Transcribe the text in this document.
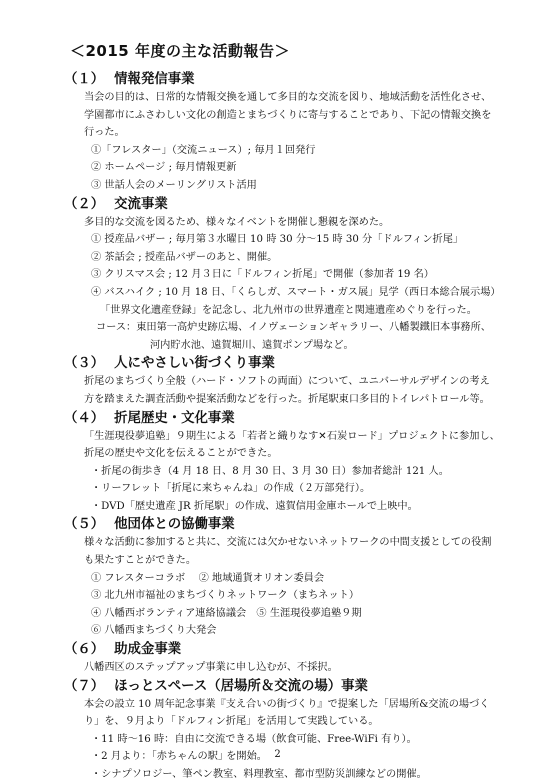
＜2015 年度の主な活動報告＞
（１） 情報発信事業
当会の目的は、日常的な情報交換を通して多目的な交流を図り、地域活動を活性化させ、
学園都市にふさわしい文化の創造とまちづくりに寄与することであり、下記の情報交換を
行った。
①「フレスター」（交流ニュース）; 毎月１回発行
② ホームページ ; 毎月情報更新
③ 世話人会のメーリングリスト活用
（２） 交流事業
多目的な交流を図るため、様々なイベントを開催し懇親を深めた。
① 授産品バザー ; 毎月第３水曜日 10 時 30 分～15 時 30 分「ドルフィン折尾」
② 茶話会 ; 授産品バザーのあと、開催。
③ クリスマス会 ; 12 月３日に「ドルフィン折尾」で開催（参加者 19 名）
④ バスハイク ; 10 月 18 日、「くらしガ、スマート・ガス展」見学（西日本総合展示場）
「世界文化遺産登録」を記念し、北九州市の世界遺産と関連遺産めぐりを行った。
コース：東田第一高炉史跡広場、イノヴェーションギャラリー、八幡製鐵旧本事務所、
河内貯水池、遠賀堀川、遠賀ポンプ場など。
（３） 人にやさしい街づくり事業
折尾のまちづくり全般（ハード・ソフトの両面）について、ユニバーサルデザインの考え
方を踏まえた調査活動や提案活動などを行った。折尾駅東口多目的トイレパトロール等。
（４） 折尾歴史・文化事業
「生涯現役夢追塾」９期生による「若者と織りなす✕石炭ロード」プロジェクトに参加し、
折尾の歴史や文化を伝えることができた。
・折尾の街歩き（4 月 18 日、8 月 30 日、3 月 30 日）参加者総計 121 人。
・リーフレット「折尾に来ちゃんね」の作成（２万部発行）。
・DVD「歴史遺産 JR 折尾駅」の作成、遠賀信用金庫ホールで上映中。
（５） 他団体との協働事業
様々な活動に参加すると共に、交流には欠かせないネットワークの中間支援としての役割
も果たすことができた。
① フレスターコラボ　 ② 地域通貨オリオン委員会
③ 北九州市福祉のまちづくりネットワーク（まちネット）
④ 八幡西ボランティア連絡協議会　⑤ 生涯現役夢追塾９期
⑥ 八幡西まちづくり大発会
（６） 助成金事業
八幡西区のステップアップ事業に申し込むが、不採択。
（７） ほっとスペース（居場所＆交流の場）事業
本会の設立 10 周年記念事業『支え合いの街づくり』で提案した「居場所&交流の場づく
り」を、９月より「ドルフィン折尾」を活用して実践している。
・11 時～16 時：自由に交流できる場（飲食可能、Free-WiFi 有り）。
・2 月より：｢赤ちゃんの駅｣ を開始。
・シナプソロジー、筆ペン教室、料理教室、都市型防災訓練などの開催。
2
